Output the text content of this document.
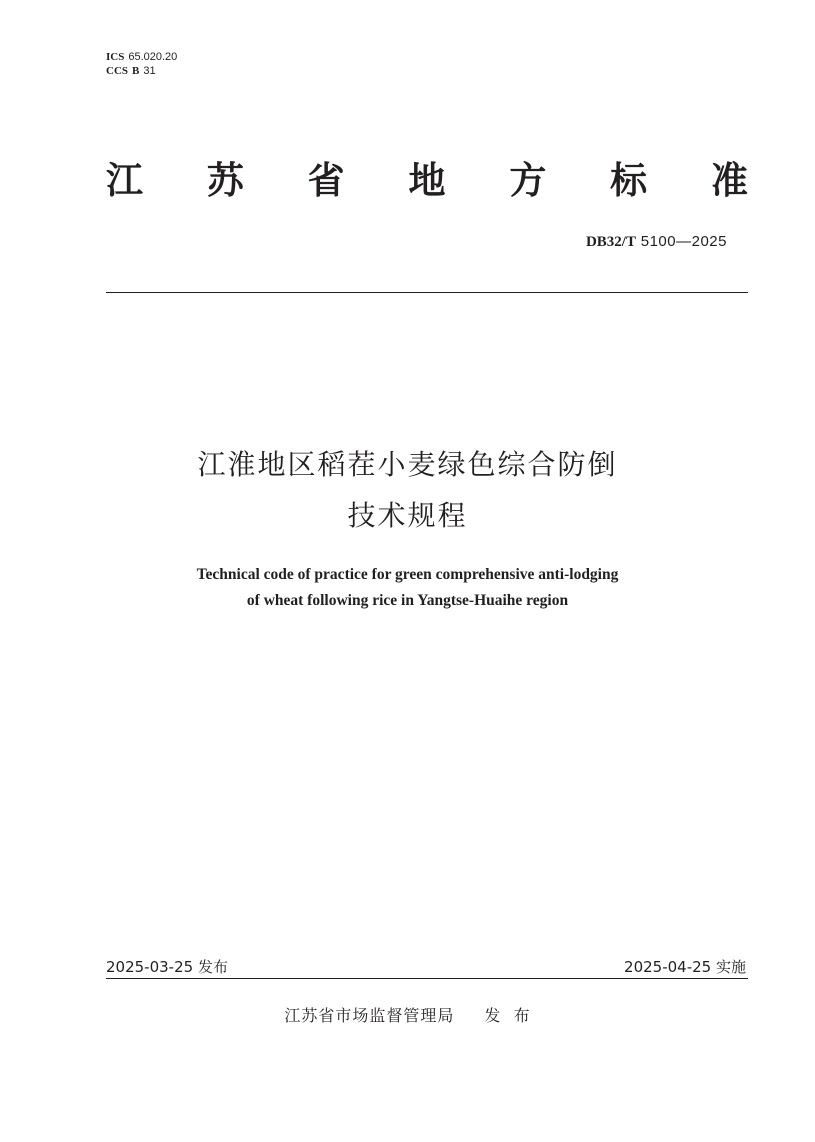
ICS 65.020.20
CCS B 31
江 苏 省 地 方 标 准
DB32/T 5100—2025
江淮地区稻茬小麦绿色综合防倒
技术规程
Technical code of practice for green comprehensive anti-lodging
of wheat following rice in Yangtse-Huaihe region
2025-03-25 发布	2025-04-25 实施
江苏省市场监督管理局 发  布
